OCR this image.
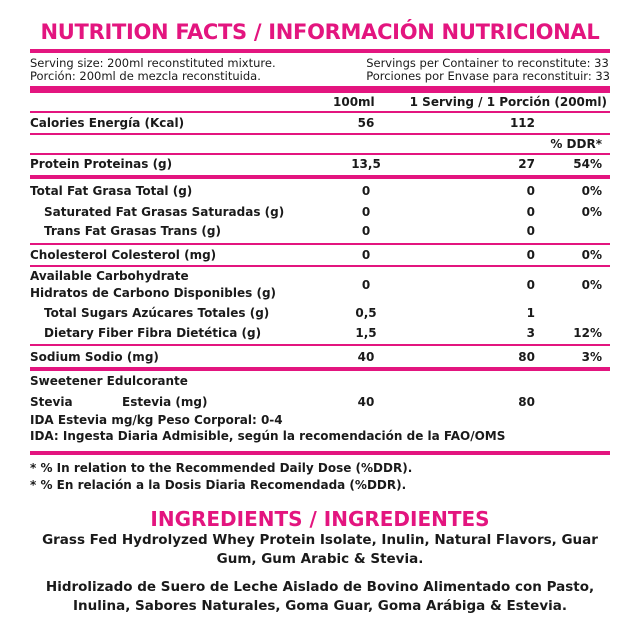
NUTRITION FACTS / INFORMACIÓN NUTRICIONAL
Serving size: 200ml reconstituted mixture.
Porción: 200ml de mezcla reconstituida.
Servings per Container to reconstitute: 33
Porciones por Envase para reconstituir: 33
100ml	1 Serving / 1 Porción (200ml)
Calories Energía (Kcal)	56	112
% DDR*
Protein Proteinas (g)	13,5	27	54%
Total Fat Grasa Total (g)	0	0	0%
Saturated Fat Grasas Saturadas (g)	0	0	0%
Trans Fat Grasas Trans (g)	0	0
Cholesterol Colesterol (mg)	0	0	0%
Available Carbohydrate
Hidratos de Carbono Disponibles (g)
0	0	0%
Total Sugars Azúcares Totales (g)	0,5	1
Dietary Fiber Fibra Dietética (g)	1,5	3	12%
Sodium Sodio (mg)	40	80	3%
Sweetener Edulcorante
Stevia	Estevia (mg)	40	80
IDA Estevia mg/kg Peso Corporal: 0-4
IDA: Ingesta Diaria Admisible, según la recomendación de la FAO/OMS
* % In relation to the Recommended Daily Dose (%DDR).
* % En relación a la Dosis Diaria Recomendada (%DDR).
INGREDIENTS / INGREDIENTES
Grass Fed Hydrolyzed Whey Protein Isolate, Inulin, Natural Flavors, Guar Gum, Gum Arabic & Stevia.
Hidrolizado de Suero de Leche Aislado de Bovino Alimentado con Pasto, Inulina, Sabores Naturales, Goma Guar, Goma Arábiga & Estevia.
